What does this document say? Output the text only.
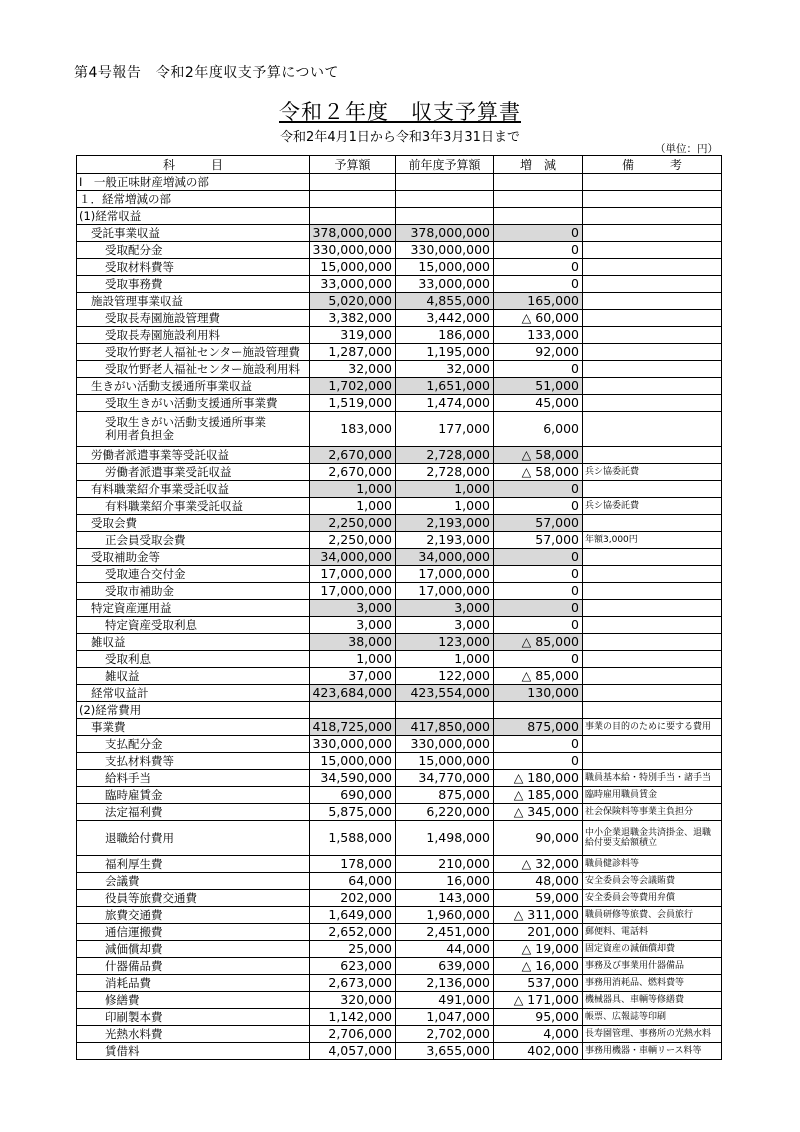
第4号報告　令和2年度収支予算について
令和２年度　収支予算書
令和2年4月1日から令和3年3月31日まで
（単位：円）
科　　　目	予算額	前年度予算額	増　減	備　　　考
Ⅰ　一般正味財産増減の部				
１．経常増減の部				
(1)経常収益				
受託事業収益	378,000,000	378,000,000	0	
受取配分金	330,000,000	330,000,000	0	
受取材料費等	15,000,000	15,000,000	0	
受取事務費	33,000,000	33,000,000	0	
施設管理事業収益	5,020,000	4,855,000	165,000	
受取長寿園施設管理費	3,382,000	3,442,000	△ 60,000	
受取長寿園施設利用料	319,000	186,000	133,000	
受取竹野老人福祉センター施設管理費	1,287,000	1,195,000	92,000	
受取竹野老人福祉センター施設利用料	32,000	32,000	0	
生きがい活動支援通所事業収益	1,702,000	1,651,000	51,000	
受取生きがい活動支援通所事業費	1,519,000	1,474,000	45,000	
受取生きがい活動支援通所事業
利用者負担金	183,000	177,000	6,000	
労働者派遣事業等受託収益	2,670,000	2,728,000	△ 58,000	
労働者派遣事業受託収益	2,670,000	2,728,000	△ 58,000	兵シ協委託費
有料職業紹介事業受託収益	1,000	1,000	0	
有料職業紹介事業受託収益	1,000	1,000	0	兵シ協委託費
受取会費	2,250,000	2,193,000	57,000	
正会員受取会費	2,250,000	2,193,000	57,000	年額3,000円
受取補助金等	34,000,000	34,000,000	0	
受取連合交付金	17,000,000	17,000,000	0	
受取市補助金	17,000,000	17,000,000	0	
特定資産運用益	3,000	3,000	0	
特定資産受取利息	3,000	3,000	0	
雑収益	38,000	123,000	△ 85,000	
受取利息	1,000	1,000	0	
雑収益	37,000	122,000	△ 85,000	
経常収益計	423,684,000	423,554,000	130,000	
(2)経常費用				
事業費	418,725,000	417,850,000	875,000	事業の目的のために要する費用
支払配分金	330,000,000	330,000,000	0	
支払材料費等	15,000,000	15,000,000	0	
給料手当	34,590,000	34,770,000	△ 180,000	職員基本給・特別手当・諸手当
臨時雇賃金	690,000	875,000	△ 185,000	臨時雇用職員賃金
法定福利費	5,875,000	6,220,000	△ 345,000	社会保険料等事業主負担分
退職給付費用	1,588,000	1,498,000	90,000	中小企業退職金共済掛金、退職給付要支給額積立
福利厚生費	178,000	210,000	△ 32,000	職員健診料等
会議費	64,000	16,000	48,000	安全委員会等会議賄費
役員等旅費交通費	202,000	143,000	59,000	安全委員会等費用弁償
旅費交通費	1,649,000	1,960,000	△ 311,000	職員研修等旅費、会員旅行
通信運搬費	2,652,000	2,451,000	201,000	郵便料、電話料
減価償却費	25,000	44,000	△ 19,000	固定資産の減価償却費
什器備品費	623,000	639,000	△ 16,000	事務及び事業用什器備品
消耗品費	2,673,000	2,136,000	537,000	事務用消耗品、燃料費等
修繕費	320,000	491,000	△ 171,000	機械器具、車輌等修繕費
印刷製本費	1,142,000	1,047,000	95,000	帳票、広報誌等印刷
光熱水料費	2,706,000	2,702,000	4,000	長寿園管理、事務所の光熱水料
賃借料	4,057,000	3,655,000	402,000	事務用機器・車輌リース料等
